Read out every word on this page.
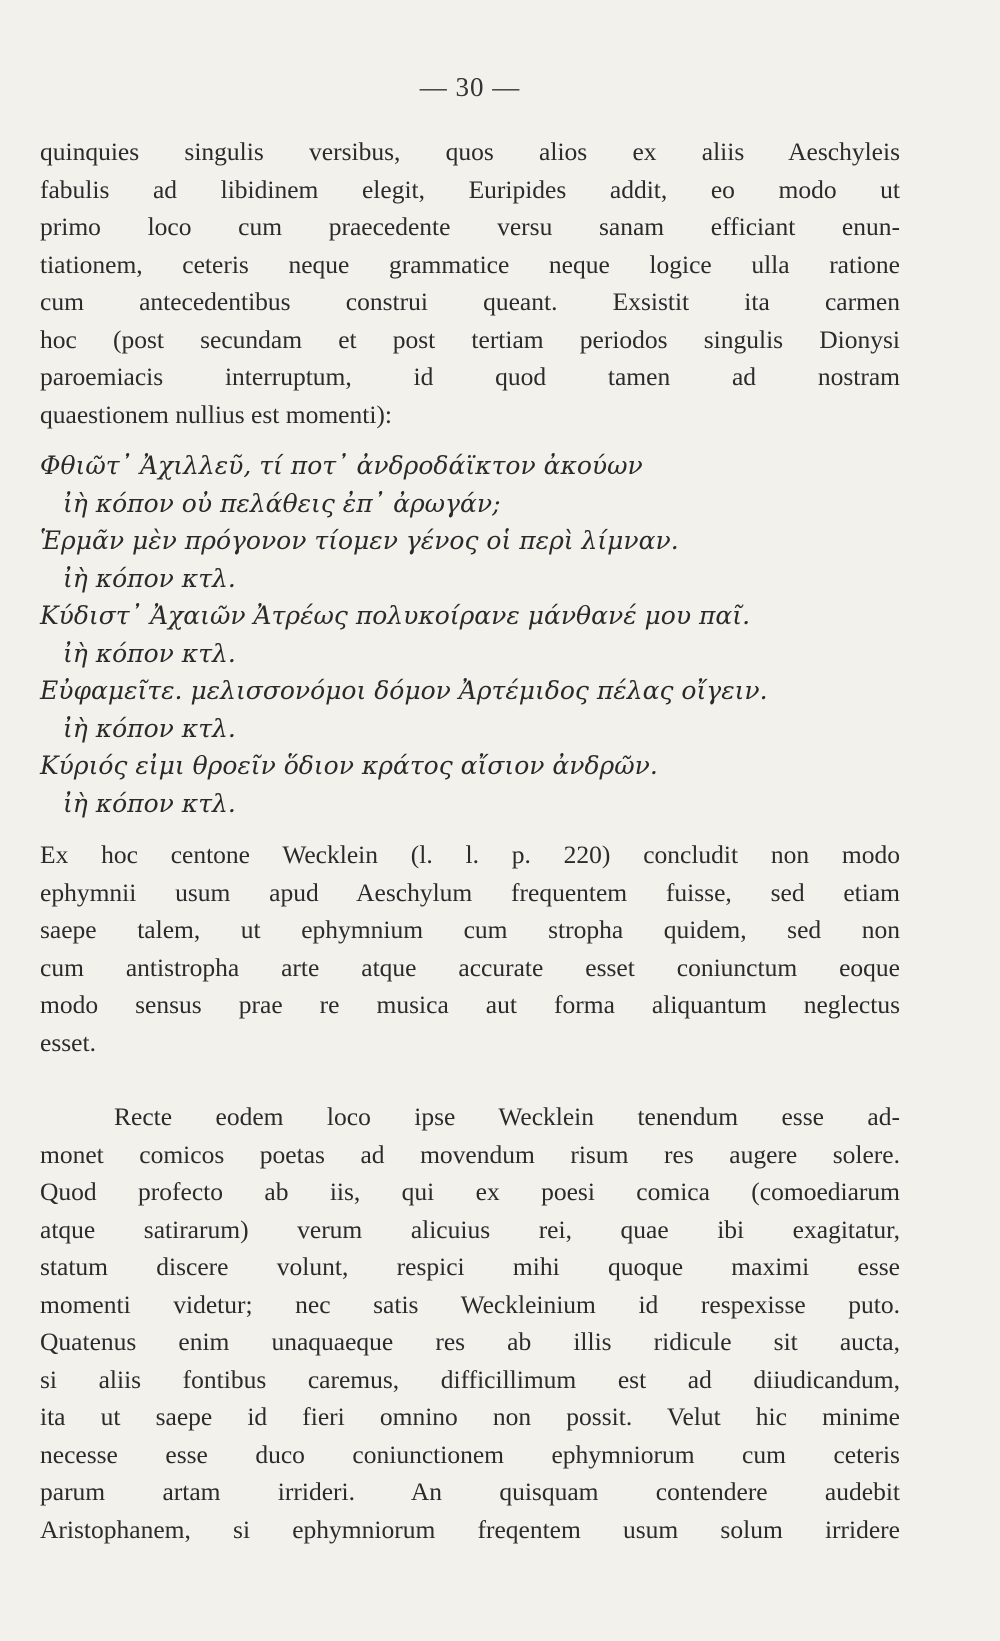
— 30 —
quinquies singulis versibus, quos alios ex aliis Aeschyleis
fabulis ad libidinem elegit, Euripides addit, eo modo ut
primo loco cum praecedente versu sanam efficiant enun-
tiationem, ceteris neque grammatice neque logice ulla ratione
cum antecedentibus construi queant. Exsistit ita carmen
hoc (post secundam et post tertiam periodos singulis Dionysi
paroemiacis interruptum, id quod tamen ad nostram
quaestionem nullius est momenti):
Φθιῶτ᾽ Ἀχιλλεῦ, τί ποτ᾽ ἀνδροδάϊκτον ἀκούων
ἰὴ κόπον οὐ πελάθεις ἐπ᾽ ἀρωγάν;
Ἑρμᾶν μὲν πρόγονον τίομεν γένος οἱ περὶ λίμναν.
ἰὴ κόπον κτλ.
Κύδιστ᾽ Ἀχαιῶν Ἀτρέως πολυκοίρανε μάνθανέ μου παῖ.
ἰὴ κόπον κτλ.
Εὐφαμεῖτε. μελισσονόμοι δόμον Ἀρτέμιδος πέλας οἴγειν.
ἰὴ κόπον κτλ.
Κύριός εἰμι θροεῖν ὅδιον κράτος αἴσιον ἀνδρῶν.
ἰὴ κόπον κτλ.
Ex hoc centone Wecklein (l. l. p. 220) concludit non modo
ephymnii usum apud Aeschylum frequentem fuisse, sed etiam
saepe talem, ut ephymnium cum stropha quidem, sed non
cum antistropha arte atque accurate esset coniunctum eoque
modo sensus prae re musica aut forma aliquantum neglectus
esset.
Recte eodem loco ipse Wecklein tenendum esse ad-
monet comicos poetas ad movendum risum res augere solere.
Quod profecto ab iis, qui ex poesi comica (comoediarum
atque satirarum) verum alicuius rei, quae ibi exagitatur,
statum discere volunt, respici mihi quoque maximi esse
momenti videtur; nec satis Weckleinium id respexisse puto.
Quatenus enim unaquaeque res ab illis ridicule sit aucta,
si aliis fontibus caremus, difficillimum est ad diiudicandum,
ita ut saepe id fieri omnino non possit. Velut hic minime
necesse esse duco coniunctionem ephymniorum cum ceteris
parum artam irrideri. An quisquam contendere audebit
Aristophanem, si ephymniorum freqentem usum solum irridere
